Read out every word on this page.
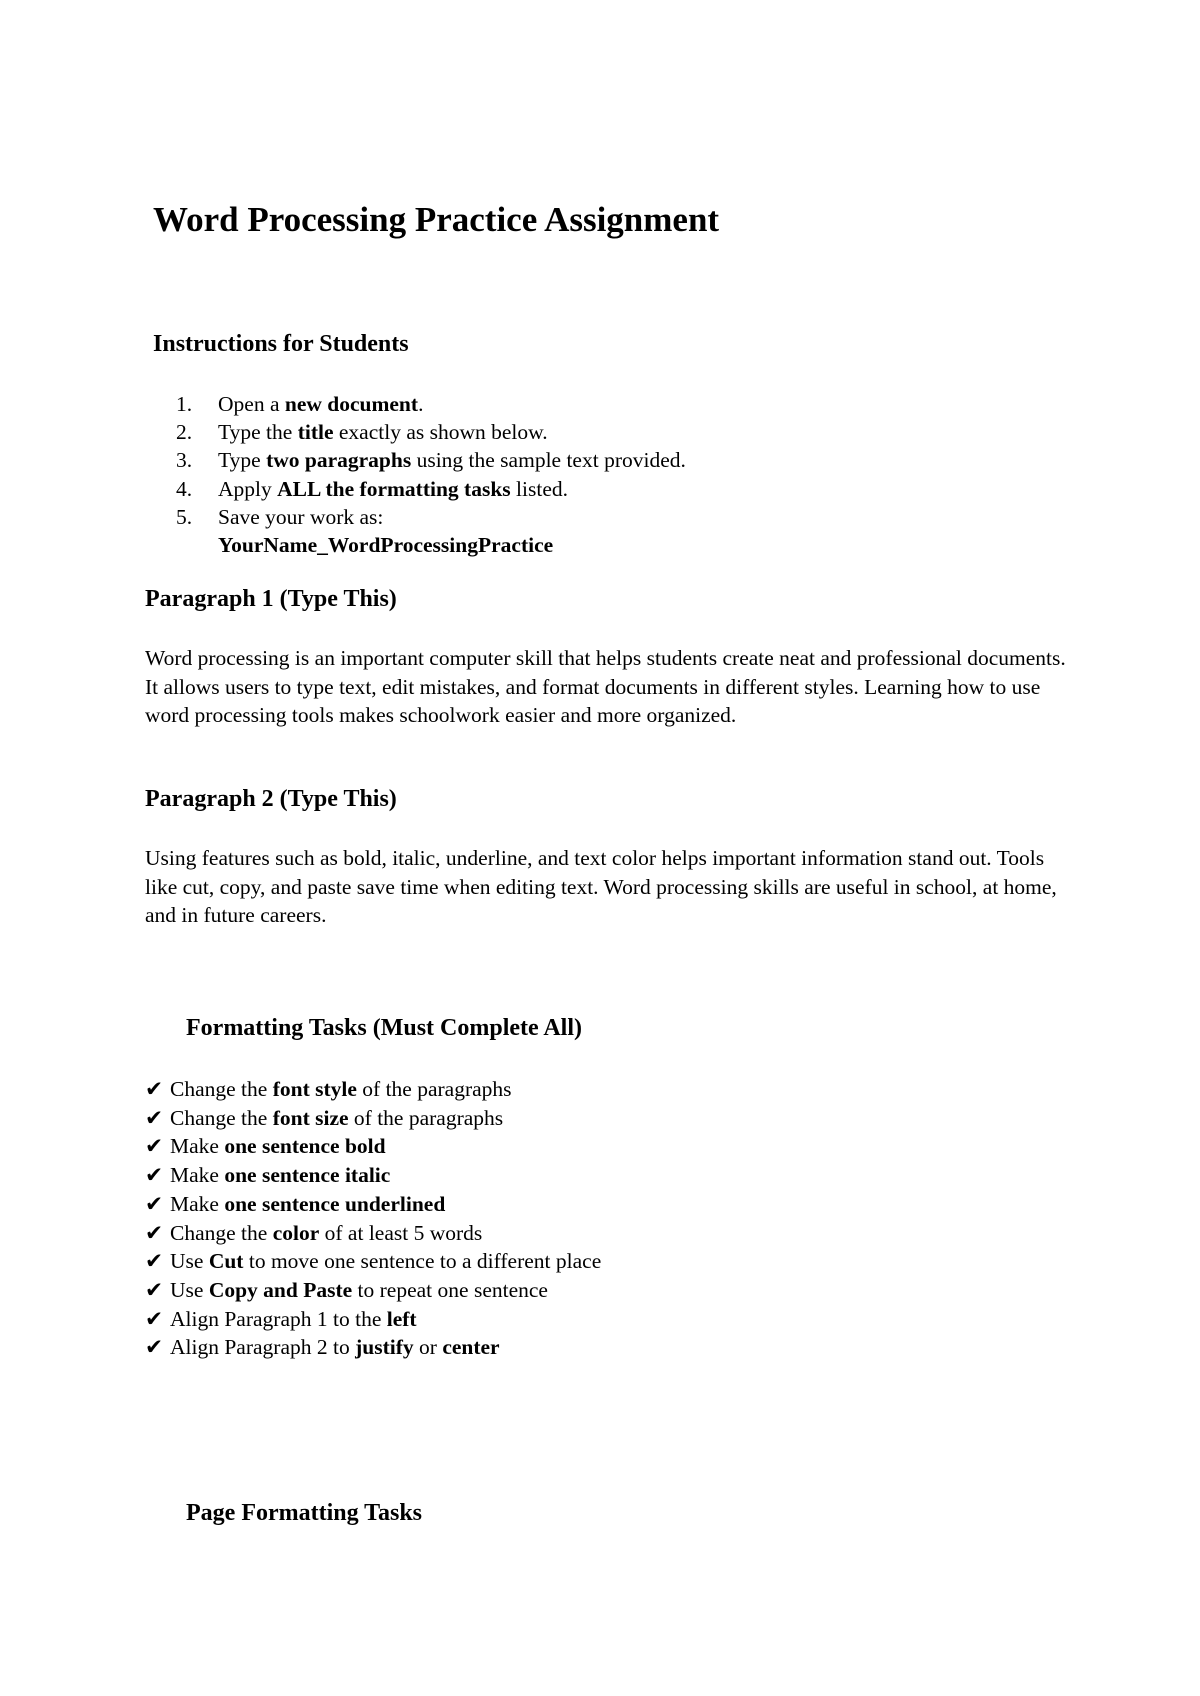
Word Processing Practice Assignment
Instructions for Students
1. Open a new document.
2. Type the title exactly as shown below.
3. Type two paragraphs using the sample text provided.
4. Apply ALL the formatting tasks listed.
5. Save your work as:
YourName_WordProcessingPractice
Paragraph 1 (Type This)

Word processing is an important computer skill that helps students create neat and professional documents. It allows users to type text, edit mistakes, and format documents in different styles. Learning how to use word processing tools makes schoolwork easier and more organized.

Paragraph 2 (Type This)

Using features such as bold, italic, underline, and text color helps important information stand out. Tools like cut, copy, and paste save time when editing text. Word processing skills are useful in school, at home, and in future careers.

Formatting Tasks (Must Complete All)
✔ Change the font style of the paragraphs
✔ Change the font size of the paragraphs
✔ Make one sentence bold
✔ Make one sentence italic
✔ Make one sentence underlined
✔ Change the color of at least 5 words
✔ Use Cut to move one sentence to a different place
✔ Use Copy and Paste to repeat one sentence
✔ Align Paragraph 1 to the left
✔ Align Paragraph 2 to justify or center
Page Formatting Tasks
